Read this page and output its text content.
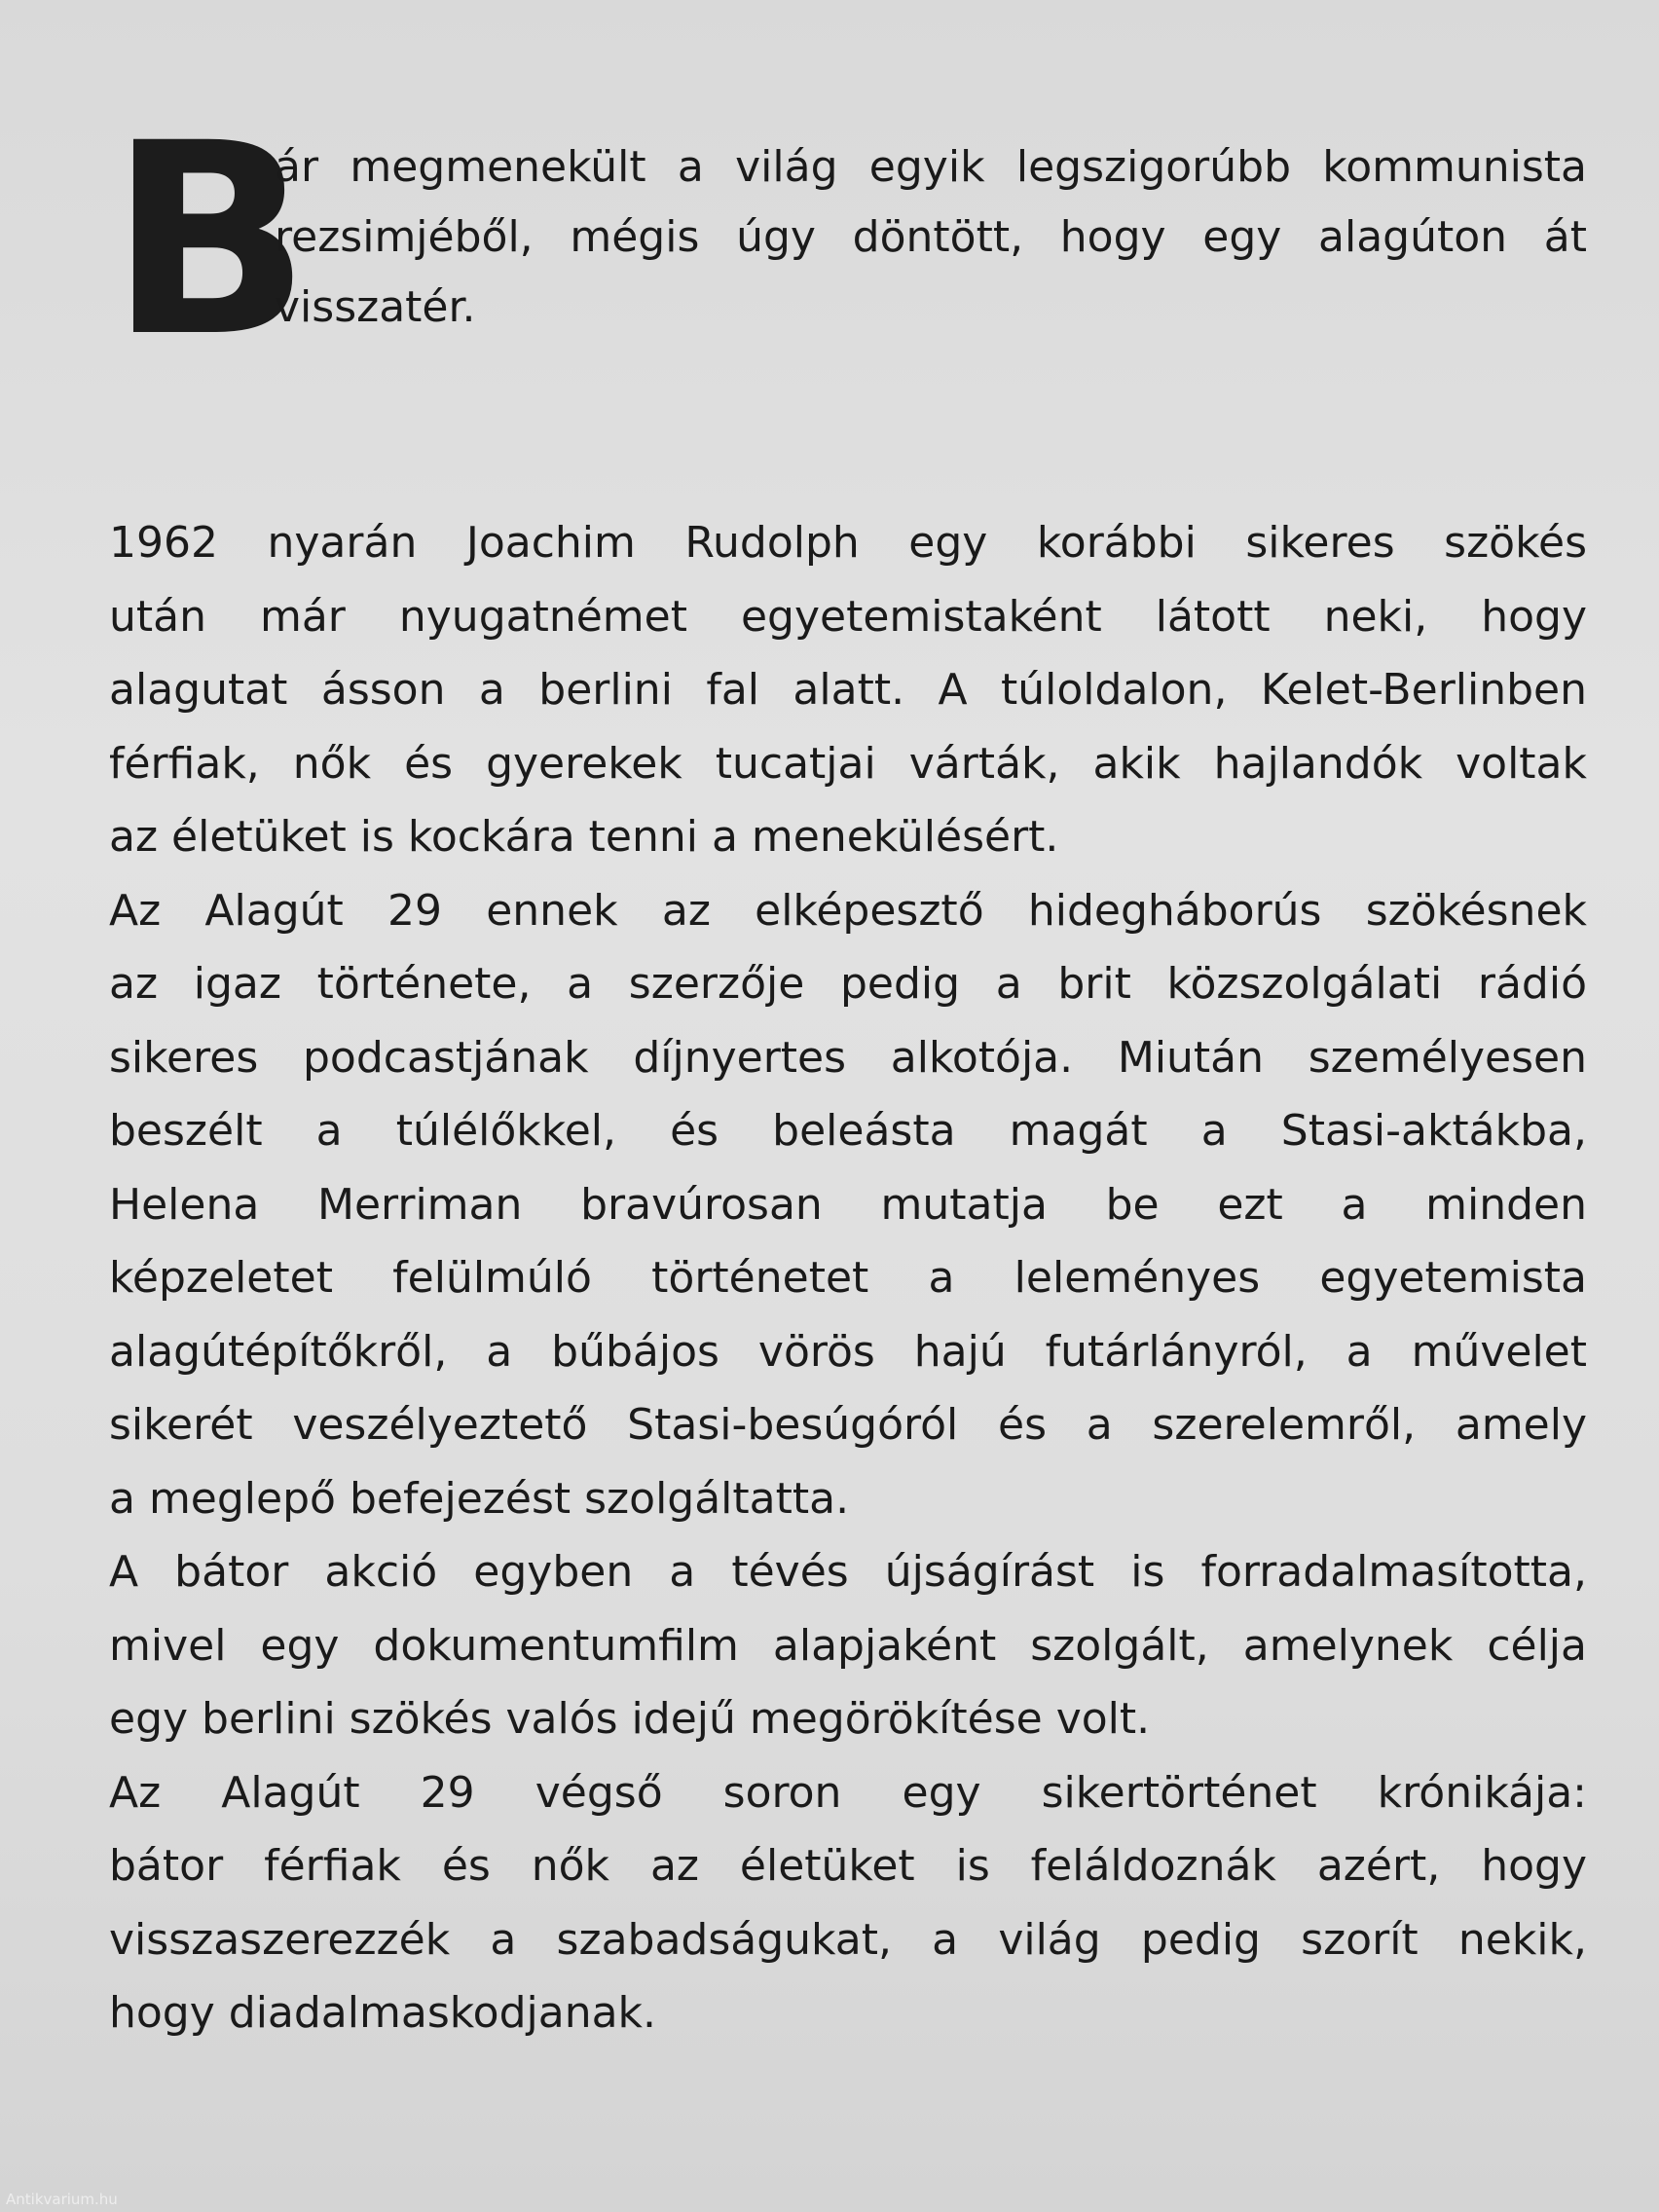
B
ár megmenekült a világ egyik legszigorúbb kommunista
rezsimjéből, mégis úgy döntött, hogy egy alagúton át
visszatér.
1962 nyarán Joachim Rudolph egy korábbi sikeres szökés
után már nyugatnémet egyetemistaként látott neki, hogy
alagutat ásson a berlini fal alatt. A túloldalon, Kelet-Berlinben
férfiak, nők és gyerekek tucatjai várták, akik hajlandók voltak
az életüket is kockára tenni a menekülésért.
Az Alagút 29 ennek az elképesztő hidegháborús szökésnek
az igaz története, a szerzője pedig a brit közszolgálati rádió
sikeres podcastjának díjnyertes alkotója. Miután személyesen
beszélt a túlélőkkel, és beleásta magát a Stasi-aktákba,
Helena Merriman bravúrosan mutatja be ezt a minden
képzeletet felülmúló történetet a leleményes egyetemista
alagútépítőkről, a bűbájos vörös hajú futárlányról, a művelet
sikerét veszélyeztető Stasi-besúgóról és a szerelemről, amely
a meglepő befejezést szolgáltatta.
A bátor akció egyben a tévés újságírást is forradalmasította,
mivel egy dokumentumfilm alapjaként szolgált, amelynek célja
egy berlini szökés valós idejű megörökítése volt.
Az Alagút 29 végső soron egy sikertörténet krónikája:
bátor férfiak és nők az életüket is feláldoznák azért, hogy
visszaszerezzék a szabadságukat, a világ pedig szorít nekik,
hogy diadalmaskodjanak.
Antikvarium.hu
